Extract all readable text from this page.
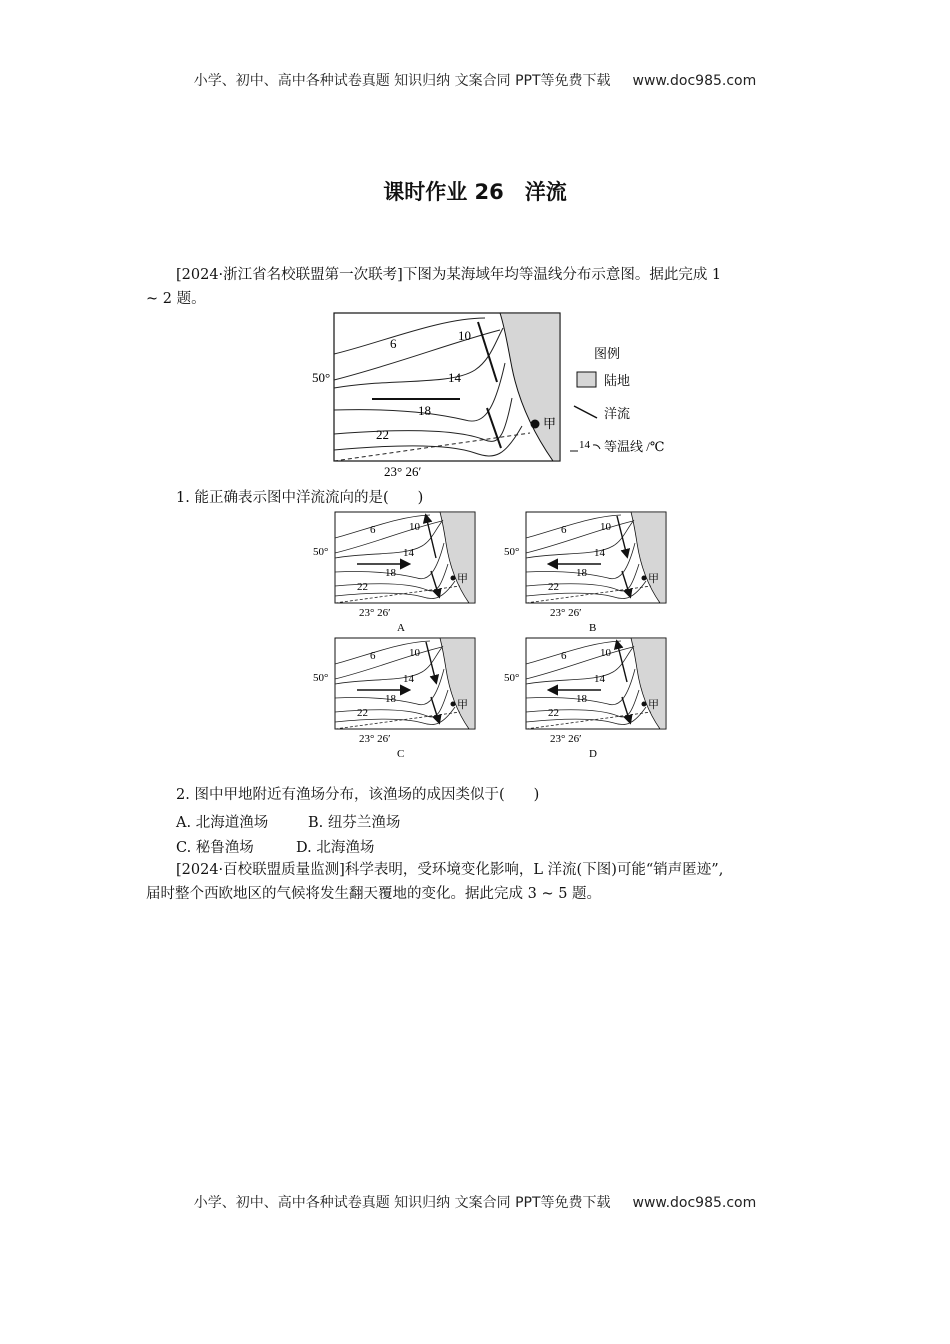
小学、初中、高中各种试卷真题 知识归纳 文案合同 PPT等免费下载 www.doc985.com
课时作业 26　洋流
[2024·浙江省名校联盟第一次联考]下图为某海域年均等温线分布示意图。据此完成 1
~ 2 题。
6
10
14
18
22
50°
23° 26′
甲
图例
陆地
洋流
14 等温线 /℃
1. 能正确表示图中洋流流向的是(　　)
6	10
14
18
22
50°
23° 26′
甲
A
6	10
14
18
22
50°
23° 26′
甲
B
6	10
14
18
22
50°
23° 26′
甲
C
6	10
14
18
22
50°
23° 26′
甲
D
2. 图中甲地附近有渔场分布，该渔场的成因类似于(　　)
A. 北海道渔场	B. 纽芬兰渔场
C. 秘鲁渔场	D. 北海渔场
[2024·百校联盟质量监测]科学表明，受环境变化影响，L 洋流(下图)可能“销声匿迹”,
届时整个西欧地区的气候将发生翻天覆地的变化。据此完成 3 ~ 5 题。
小学、初中、高中各种试卷真题 知识归纳 文案合同 PPT等免费下载 www.doc985.com
